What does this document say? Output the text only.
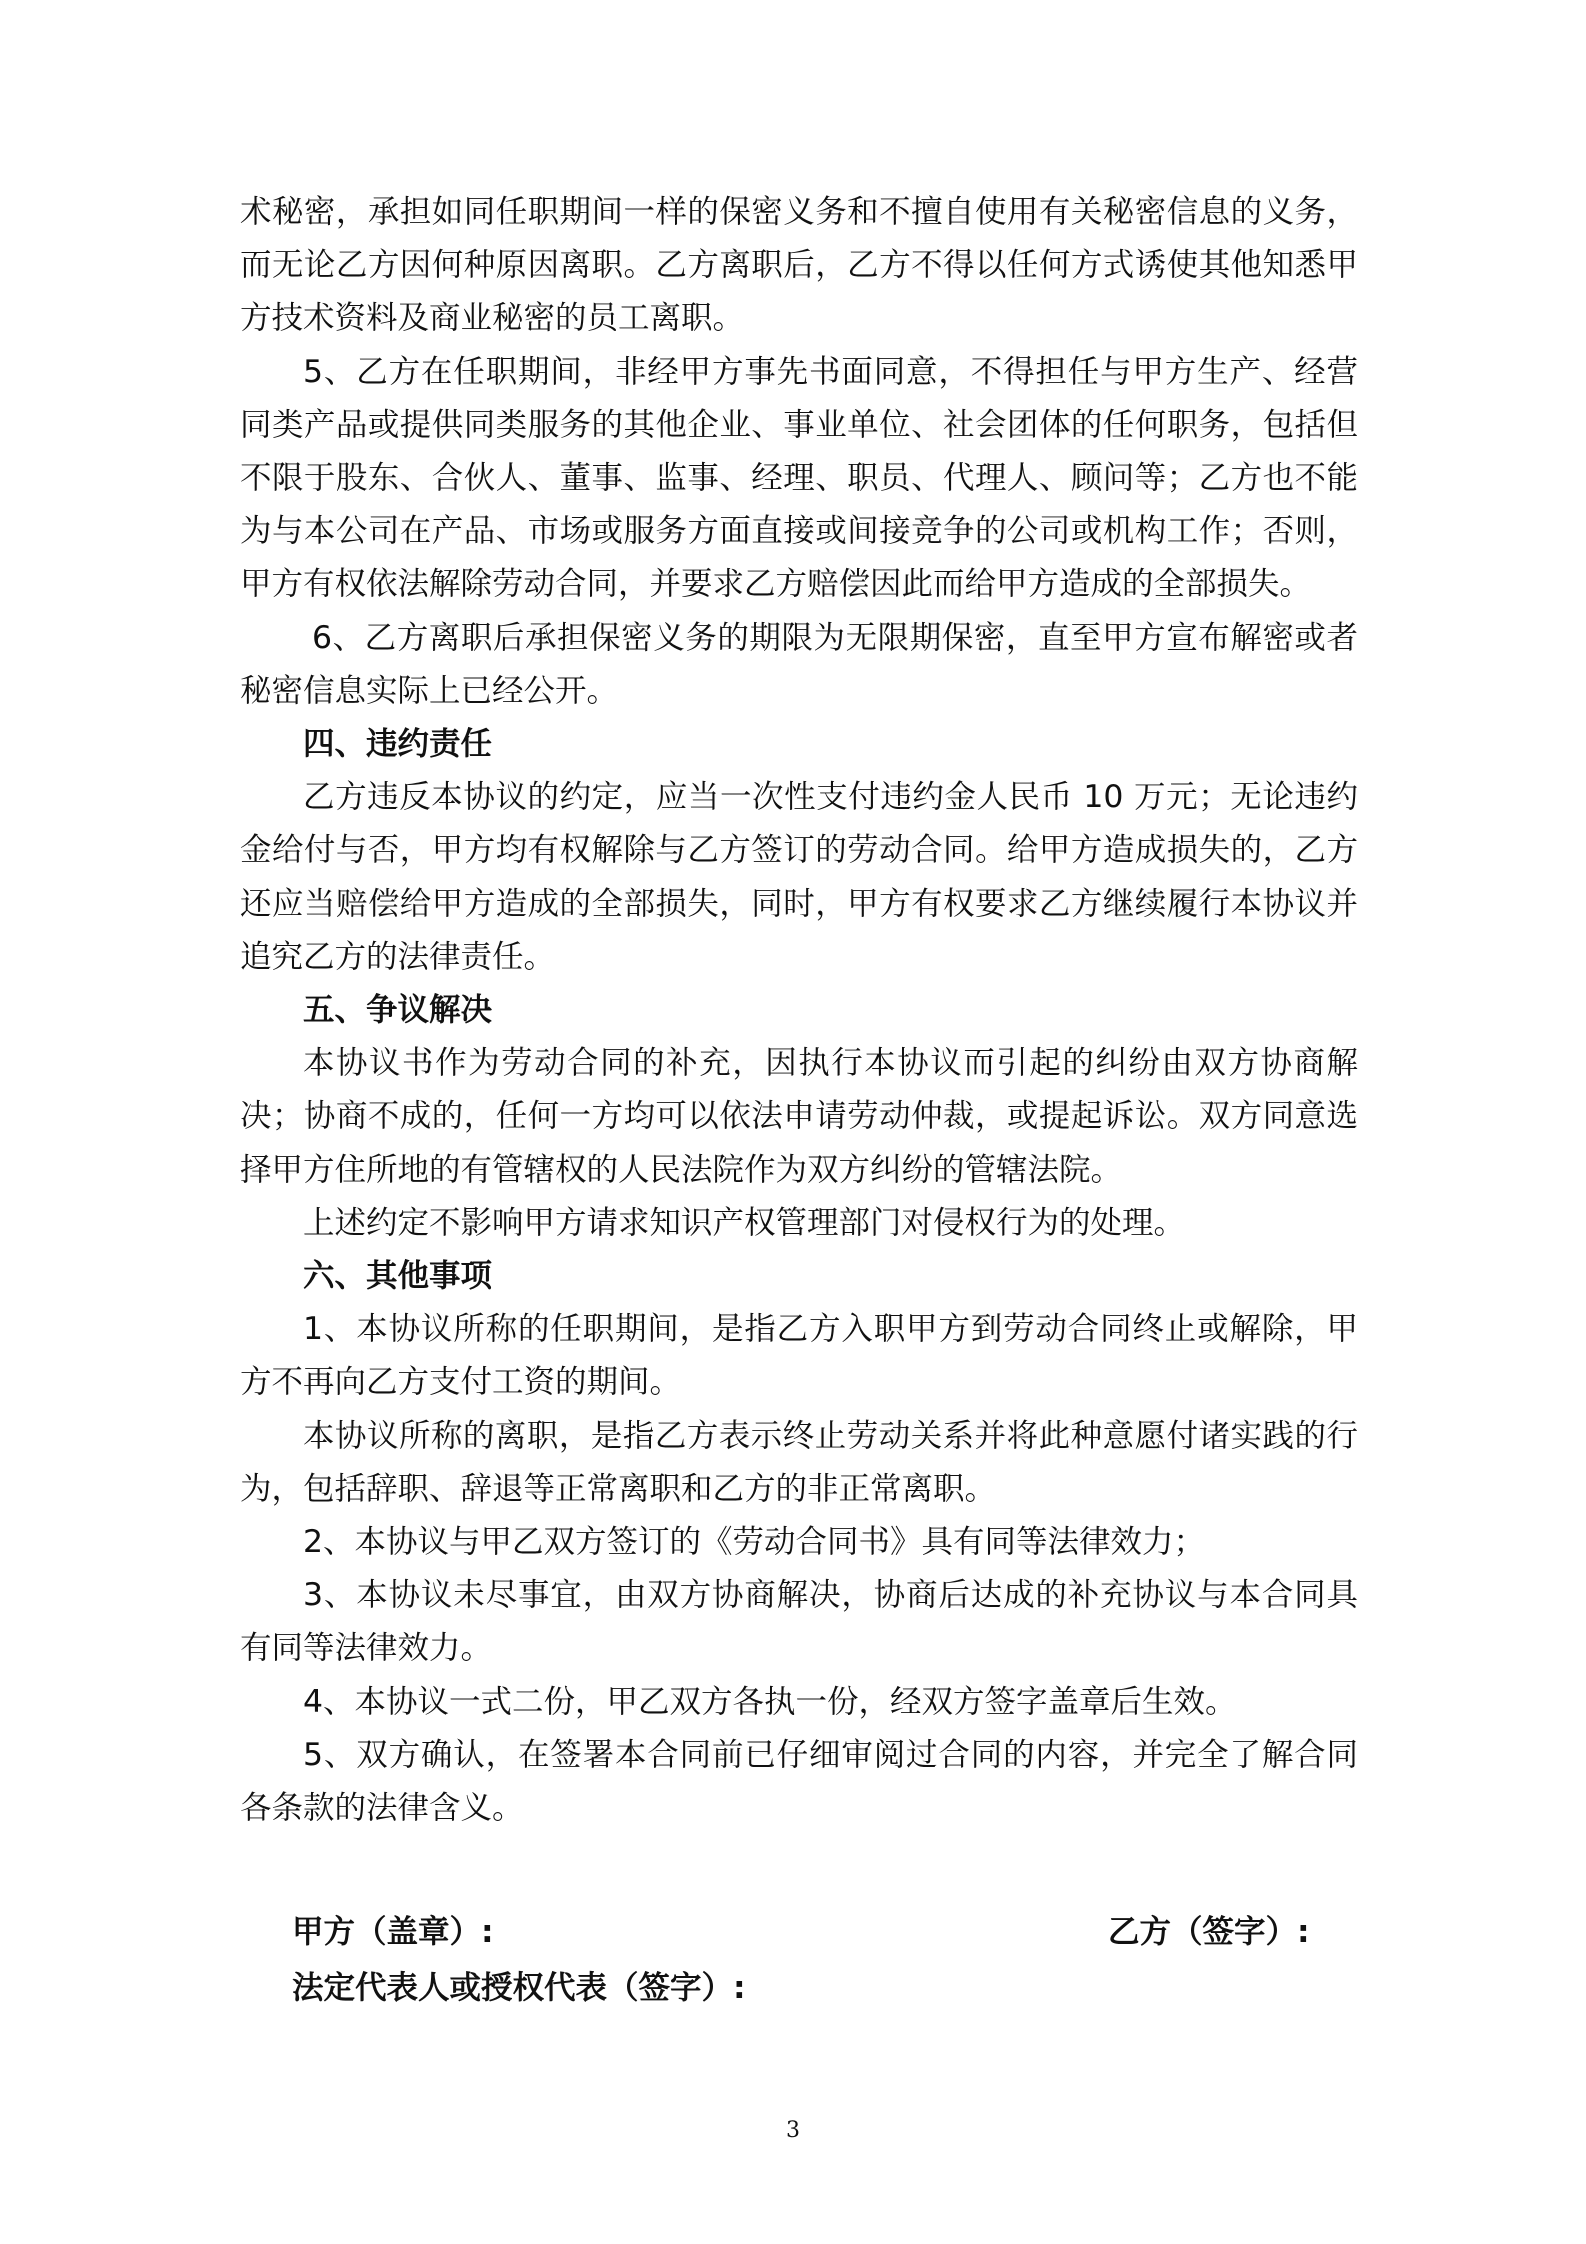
术秘密，承担如同任职期间一样的保密义务和不擅自使用有关秘密信息的义务，而无论乙方因何种原因离职。乙方离职后，乙方不得以任何方式诱使其他知悉甲方技术资料及商业秘密的员工离职。

5、乙方在任职期间，非经甲方事先书面同意，不得担任与甲方生产、经营同类产品或提供同类服务的其他企业、事业单位、社会团体的任何职务，包括但不限于股东、合伙人、董事、监事、经理、职员、代理人、顾问等；乙方也不能为与本公司在产品、市场或服务方面直接或间接竞争的公司或机构工作；否则，甲方有权依法解除劳动合同，并要求乙方赔偿因此而给甲方造成的全部损失。

6、乙方离职后承担保密义务的期限为无限期保密，直至甲方宣布解密或者秘密信息实际上已经公开。

四、违约责任

乙方违反本协议的约定，应当一次性支付违约金人民币 10 万元；无论违约金给付与否，甲方均有权解除与乙方签订的劳动合同。给甲方造成损失的，乙方还应当赔偿给甲方造成的全部损失，同时，甲方有权要求乙方继续履行本协议并追究乙方的法律责任。

五、争议解决

本协议书作为劳动合同的补充，因执行本协议而引起的纠纷由双方协商解决；协商不成的，任何一方均可以依法申请劳动仲裁，或提起诉讼。双方同意选择甲方住所地的有管辖权的人民法院作为双方纠纷的管辖法院。

上述约定不影响甲方请求知识产权管理部门对侵权行为的处理。

六、其他事项

1、本协议所称的任职期间，是指乙方入职甲方到劳动合同终止或解除，甲方不再向乙方支付工资的期间。

本协议所称的离职，是指乙方表示终止劳动关系并将此种意愿付诸实践的行为，包括辞职、辞退等正常离职和乙方的非正常离职。

2、本协议与甲乙双方签订的《劳动合同书》具有同等法律效力；

3、本协议未尽事宜，由双方协商解决，协商后达成的补充协议与本合同具有同等法律效力。

4、本协议一式二份，甲乙双方各执一份，经双方签字盖章后生效。

5、双方确认，在签署本合同前已仔细审阅过合同的内容，并完全了解合同各条款的法律含义。

甲方（盖章）:	乙方（签字）:
法定代表人或授权代表（签字）:
3
